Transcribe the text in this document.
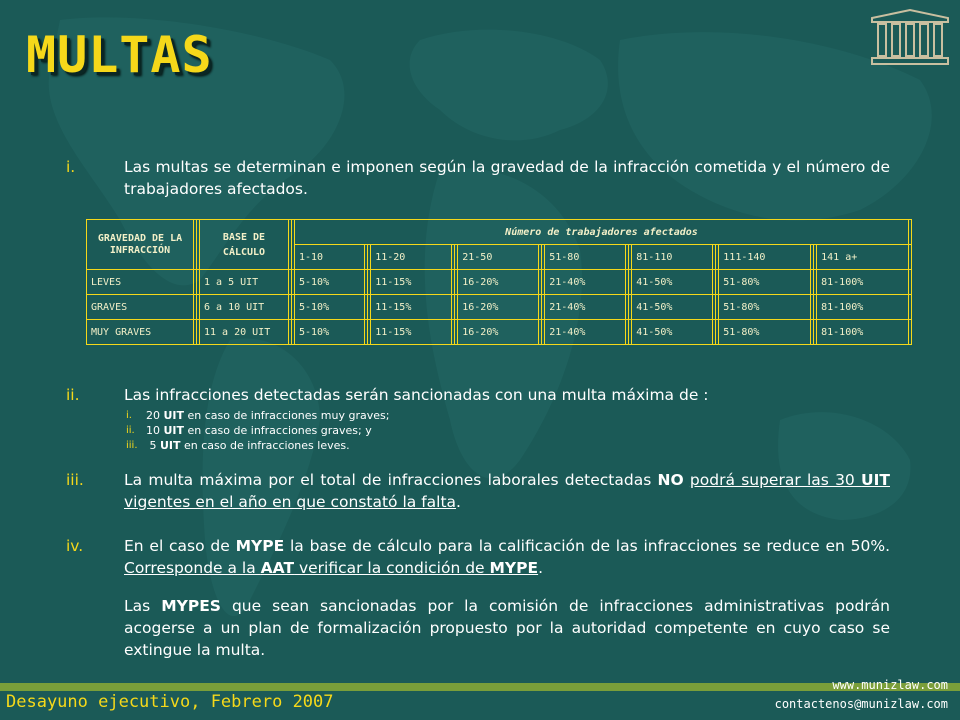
MULTAS
i.	Las multas se determinan e imponen según la gravedad de la infracción cometida y el número de trabajadores afectados.
ii.	Las infracciones detectadas serán sancionadas con una multa máxima de :
i. 20 UIT en caso de infracciones muy graves;
ii. 10 UIT en caso de infracciones graves; y
iii. 5 UIT en caso de infracciones leves.
iii.	La multa máxima por el total de infracciones laborales detectadas NO podrá superar las 30 UIT vigentes en el año en que constató la falta.
iv.	En el caso de MYPE la base de cálculo para la calificación de las infracciones se reduce en 50%. Corresponde a la AAT verificar la condición de MYPE.
Las MYPES que sean sancionadas por la comisión de infracciones administrativas podrán acogerse a un plan de formalización propuesto por la autoridad competente en cuyo caso se extingue la multa.
GRAVEDAD DE LA INFRACCIÓN			BASE DE CÁLCULO			Número de trabajadores afectados																			
						1-10			11-20			21-50			51-80			81-110			111-140			141 a+	
LEVES			1 a 5 UIT			5-10%			11-15%			16-20%			21-40%			41-50%			51-80%			81-100%	
GRAVES			6 a 10 UIT			5-10%			11-15%			16-20%			21-40%			41-50%			51-80%			81-100%	
MUY GRAVES			11 a 20 UIT			5-10%			11-15%			16-20%			21-40%			41-50%			51-80%			81-100%	
Desayuno ejecutivo, Febrero 2007
www.munizlaw.com
contactenos@munizlaw.com
